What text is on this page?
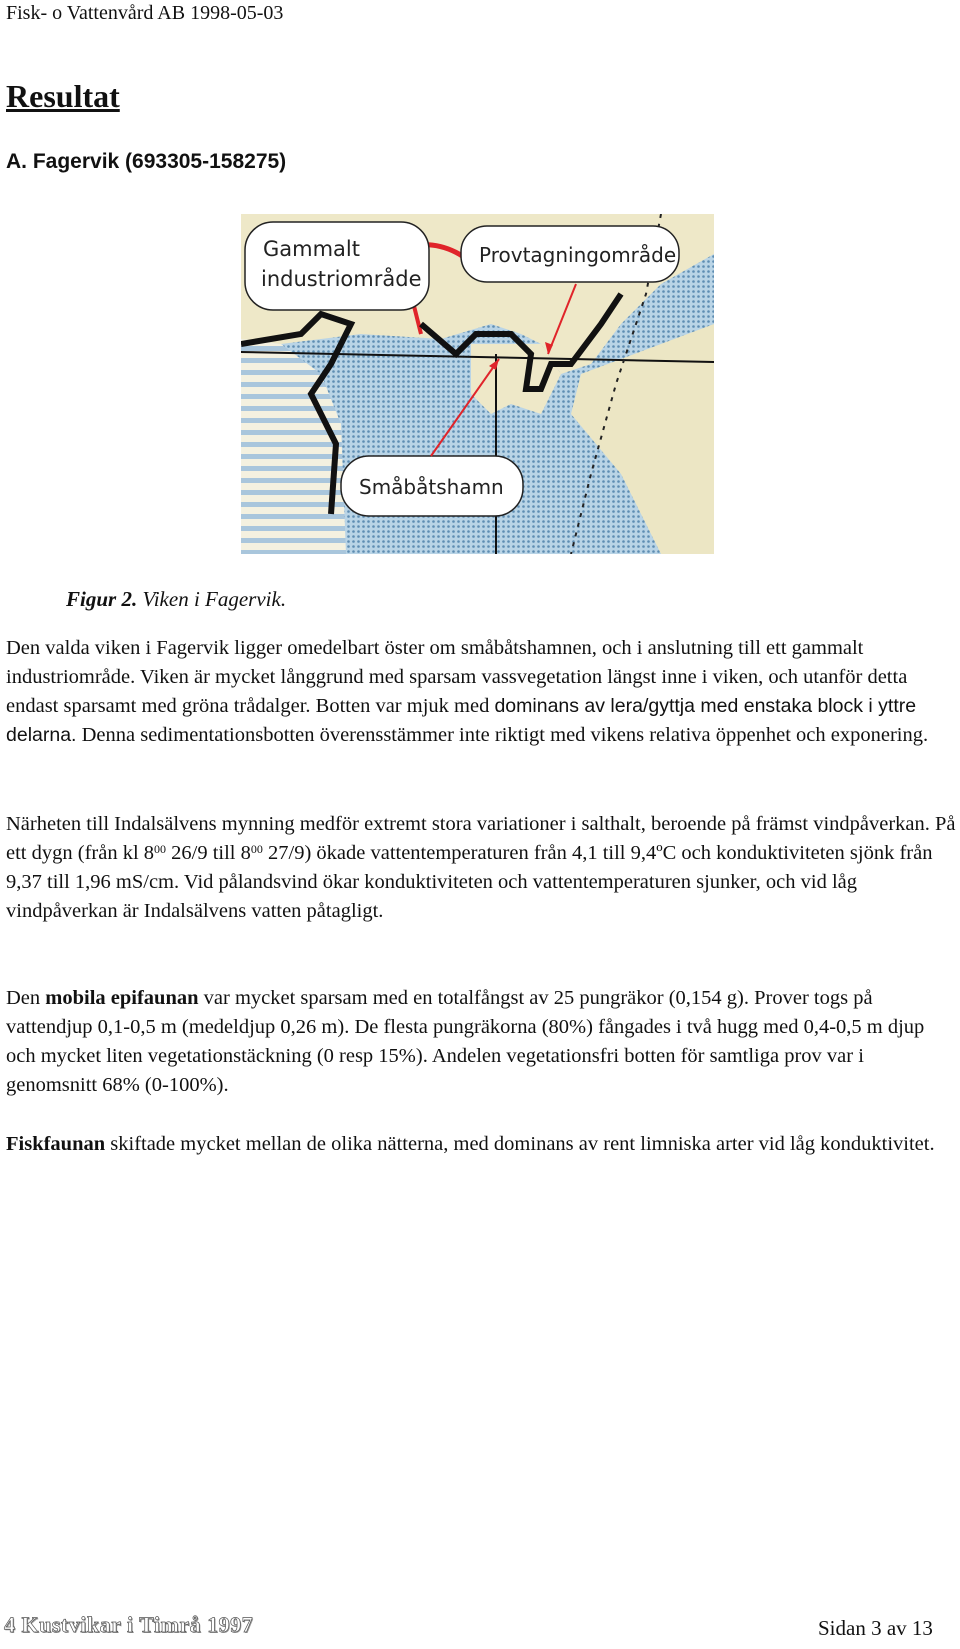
Fisk- o Vattenvård AB 1998-05-03
Resultat
A. Fagervik (693305-158275)
Gammalt
industriområde
Provtagningområde
Småbåtshamn
Figur 2. Viken i Fagervik.

Den valda viken i Fagervik ligger omedelbart öster om småbåtshamnen, och i anslutning till ett gammalt industriområde. Viken är mycket långgrund med sparsam vassvegetation längst inne i viken, och utanför detta endast sparsamt med gröna trådalger. Botten var mjuk med dominans av lera/gyttja med enstaka block i yttre delarna. Denna sedimentationsbotten överensstämmer inte riktigt med vikens relativa öppenhet och exponering.

Närheten till Indalsälvens mynning medför extremt stora variationer i salthalt, beroende på främst vindpåverkan. På ett dygn (från kl $8^{00}$ 26/9 till $8^{00}$ 27/9) ökade vattentemperaturen från 4,1 till 9,4ºC och konduktiviteten sjönk från 9,37 till 1,96 mS/cm. Vid pålandsvind ökar konduktiviteten och vattentemperaturen sjunker, och vid låg vindpåverkan är Indalsälvens vatten påtagligt.

Den mobila epifaunan var mycket sparsam med en totalfångst av 25 pungräkor (0,154 g). Prover togs på vattendjup 0,1-0,5 m (medeldjup 0,26 m). De flesta pungräkorna (80%) fångades i två hugg med 0,4-0,5 m djup och mycket liten vegetationstäckning (0 resp 15%). Andelen vegetationsfri botten för samtliga prov var i genomsnitt 68% (0-100%).

Fiskfaunan skiftade mycket mellan de olika nätterna, med dominans av rent limniska arter vid låg konduktivitet.

4 Kustvikar i Timrå 1997	Sidan 3 av 13
